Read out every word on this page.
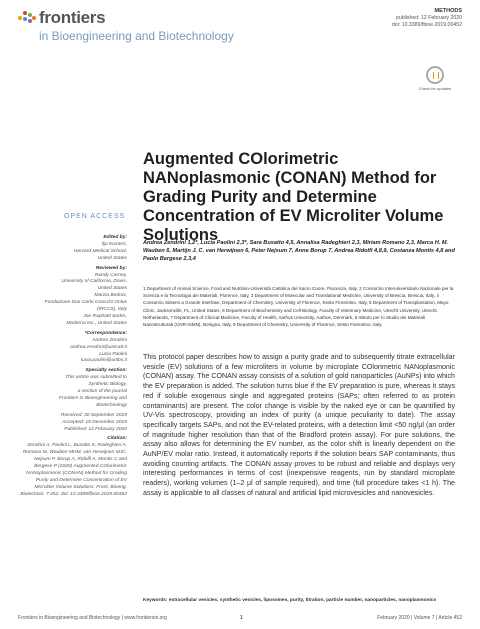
frontiers
in Bioengineering and Biotechnology
METHODS
published: 12 February 2020
doi: 10.3389/fbioe.2019.00452
Check for updates
Augmented COlorimetric NANoplasmonic (CONAN) Method for Grading Purity and Determine Concentration of EV Microliter Volume Solutions
Andrea Zendrini 1,2*, Lucia Paolini 2,3*, Sara Busatto 4,5, Annalisa Radeghieri 2,3, Miriam Romano 2,3, Marca H. M. Wauben 6, Martijn J. C. van Herwijnen 6, Peter Nejsum 7, Anne Borup 7, Andrea Ridolfi 4,8,9, Costanza Montis 4,8 and Paolo Bergese 2,3,4
1 Department of Animal Science, Food and Nutrition-Università Cattolica del Sacro Cuore, Piacenza, Italy, 2 Consorzio Interuniversitario Nazionale per la Scienza e la Tecnologia dei Materiali, Florence, Italy, 3 Department of Molecular and Translational Medicine, University of Brescia, Brescia, Italy, 4 Consorzio Sistemi a Grande Interfase, Department of Chemistry, University of Florence, Sesto Fiorentino, Italy, 5 Department of Transplantation, Mayo Clinic, Jacksonville, FL, United States, 6 Department of Biochemistry and Cell Biology, Faculty of Veterinary Medicine, Utrecht University, Utrecht, Netherlands, 7 Department of Clinical Medicine, Faculty of Health, Aarhus University, Aarhus, Denmark, 8 Istituto per lo Studio dei Materiali Nanostrutturati (CNR-ISMN), Bologna, Italy, 9 Department of Chemistry, University of Florence, Sesto Fiorentino, Italy
This protocol paper describes how to assign a purity grade and to subsequently titrate extracellular vesicle (EV) solutions of a few microliters in volume by microplate COlorimetric NANoplasmonic (CONAN) assay. The CONAN assay consists of a solution of gold nanoparticles (AuNPs) into which the EV preparation is added. The solution turns blue if the EV preparation is pure, whereas it stays red if soluble exogenous single and aggregated proteins (SAPs; often referred to as protein contaminants) are present. The color change is visible by the naked eye or can be quantified by UV-Vis spectroscopy, providing an index of purity (a unique peculiarity to date). The assay specifically targets SAPs, and not the EV-related proteins, with a detection limit <50 ng/μl (an order of magnitude higher resolution than that of the Bradford protein assay). For pure solutions, the assay also allows for determining the EV number, as the color shift is linearly dependent on the AuNP/EV molar ratio. Instead, it automatically reports if the solution bears SAP contaminants, thus avoiding counting artifacts. The CONAN assay proves to be robust and reliable and displays very interesting performances in terms of cost (inexpensive reagents, run by standard microplate readers), working volumes (1–2 μl of sample required), and time (full procedure takes <1 h). The assay is applicable to all classes of natural and artificial lipid microvesicles and nanovesicles.
Keywords: extracellular vesicles, synthetic vesicles, liposomes, purity, titration, particle number, nanoparticles, nanoplasmonics
OPEN ACCESS
Edited by:
Ilja Kusters,
Harvard Medical School,
United States
Reviewed by:
Randy Carney,
University of California, Davis,
United States
Marzia Bedoni,
Fondazione Don Carlo Gnocchi Onlus
(IRCCS), Italy
Joe Raphaël Sarkis,
Moderna Inc., United States
*Correspondence:
Andrea Zendrini
andrea.zendrini@unicatt.it
Lucia Paolini
lucia.paolini@unibs.it
Specialty section:
This article was submitted to
Synthetic Biology,
a section of the journal
Frontiers in Bioengineering and
Biotechnology
Received: 30 September 2019
Accepted: 19 December 2019
Published: 12 February 2020
Citation:
Zendrini A, Paolini L, Busatto S, Radeghieri A, Romano M, Wauben MHM, van Herwijnen MJC, Nejsum P, Borup A, Ridolfi A, Montis C and Bergese P (2020) Augmented COlorimetric NANoplasmonic (CONAN) Method for Grading Purity and Determine Concentration of EV Microliter Volume Solutions. Front. Bioeng. Biotechnol. 7:452. doi: 10.3389/fbioe.2019.00452
Frontiers in Bioengineering and Biotechnology | www.frontiersin.org	1	February 2020 | Volume 7 | Article 452
